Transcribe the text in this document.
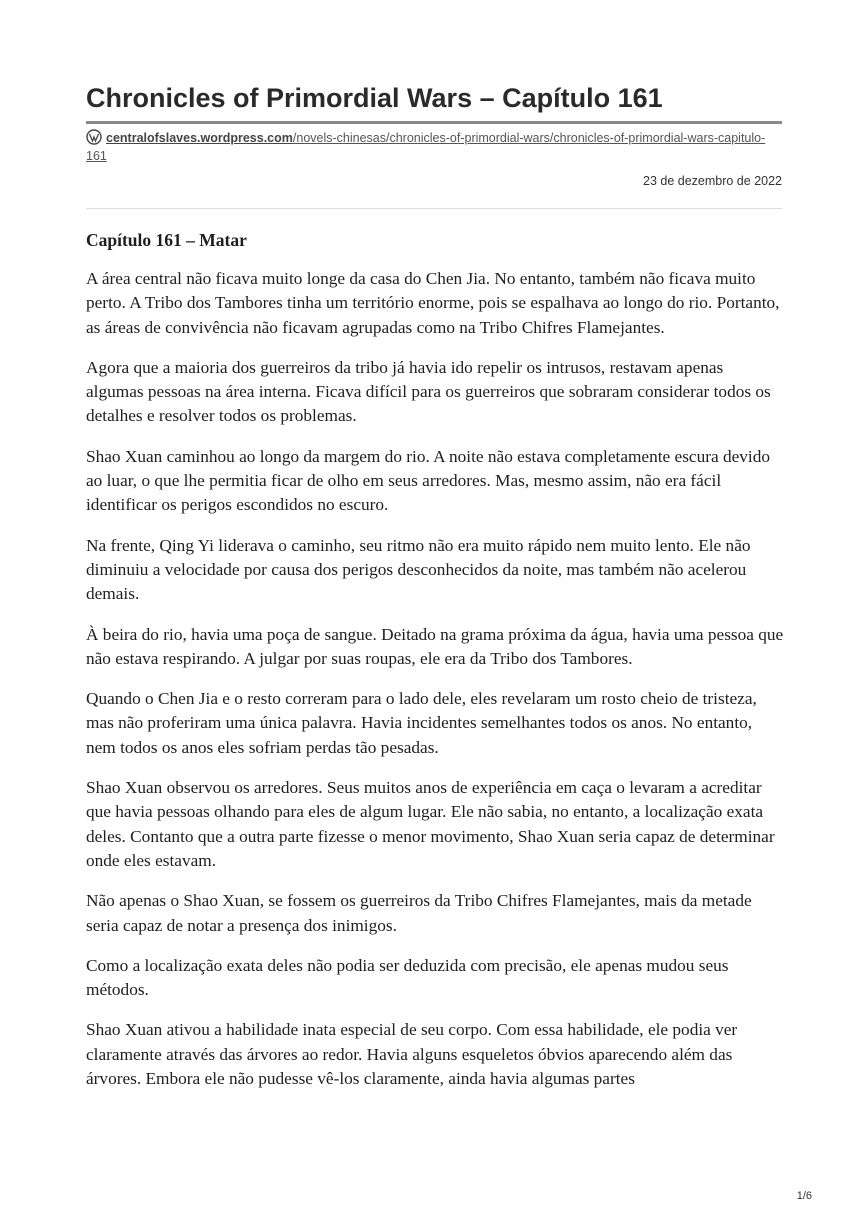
Chronicles of Primordial Wars – Capítulo 161
centralofslaves.wordpress.com/novels-chinesas/chronicles-of-primordial-wars/chronicles-of-primordial-wars-capitulo-161
23 de dezembro de 2022
Capítulo 161 – Matar

A área central não ficava muito longe da casa do Chen Jia. No entanto, também não ficava muito perto. A Tribo dos Tambores tinha um território enorme, pois se espalhava ao longo do rio. Portanto, as áreas de convivência não ficavam agrupadas como na Tribo Chifres Flamejantes.

Agora que a maioria dos guerreiros da tribo já havia ido repelir os intrusos, restavam apenas algumas pessoas na área interna. Ficava difícil para os guerreiros que sobraram considerar todos os detalhes e resolver todos os problemas.

Shao Xuan caminhou ao longo da margem do rio. A noite não estava completamente escura devido ao luar, o que lhe permitia ficar de olho em seus arredores. Mas, mesmo assim, não era fácil identificar os perigos escondidos no escuro.

Na frente, Qing Yi liderava o caminho, seu ritmo não era muito rápido nem muito lento. Ele não diminuiu a velocidade por causa dos perigos desconhecidos da noite, mas também não acelerou demais.

À beira do rio, havia uma poça de sangue. Deitado na grama próxima da água, havia uma pessoa que não estava respirando. A julgar por suas roupas, ele era da Tribo dos Tambores.

Quando o Chen Jia e o resto correram para o lado dele, eles revelaram um rosto cheio de tristeza, mas não proferiram uma única palavra. Havia incidentes semelhantes todos os anos. No entanto, nem todos os anos eles sofriam perdas tão pesadas.

Shao Xuan observou os arredores. Seus muitos anos de experiência em caça o levaram a acreditar que havia pessoas olhando para eles de algum lugar. Ele não sabia, no entanto, a localização exata deles. Contanto que a outra parte fizesse o menor movimento, Shao Xuan seria capaz de determinar onde eles estavam.

Não apenas o Shao Xuan, se fossem os guerreiros da Tribo Chifres Flamejantes, mais da metade seria capaz de notar a presença dos inimigos.

Como a localização exata deles não podia ser deduzida com precisão, ele apenas mudou seus métodos.

Shao Xuan ativou a habilidade inata especial de seu corpo. Com essa habilidade, ele podia ver claramente através das árvores ao redor. Havia alguns esqueletos óbvios aparecendo além das árvores. Embora ele não pudesse vê-los claramente, ainda havia algumas partes

1/6
